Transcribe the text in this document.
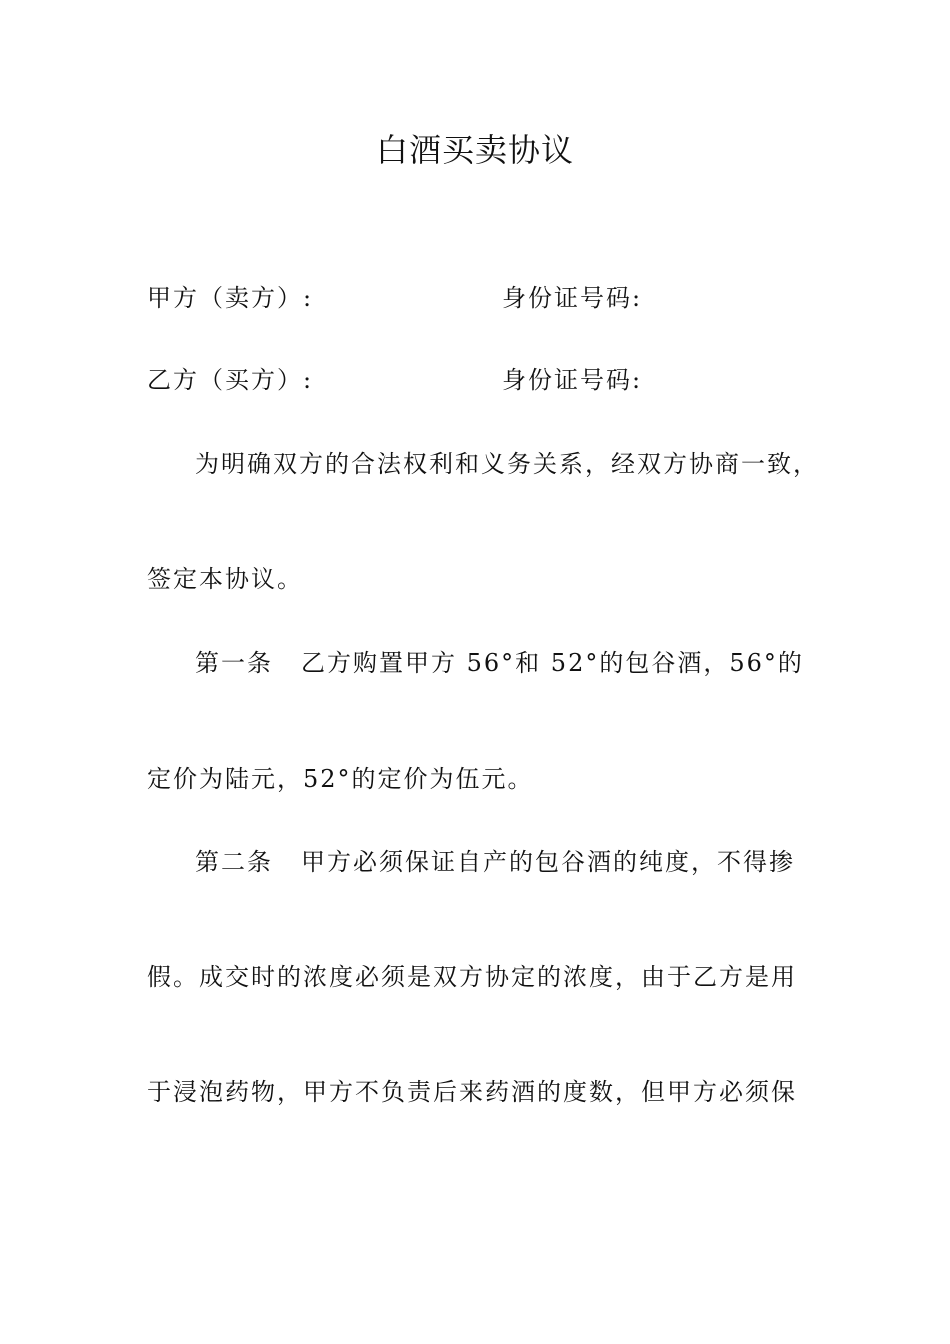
白酒买卖协议
甲方（卖方）:	身份证号码:
乙方（买方）:	身份证号码:
为明确双方的合法权利和义务关系，经双方协商一致，
签定本协议。
第一条 乙方购置甲方 56°和 52°的包谷酒，56°的
定价为陆元，52°的定价为伍元。
第二条 甲方必须保证自产的包谷酒的纯度，不得掺
假。成交时的浓度必须是双方协定的浓度，由于乙方是用
于浸泡药物，甲方不负责后来药酒的度数，但甲方必须保
